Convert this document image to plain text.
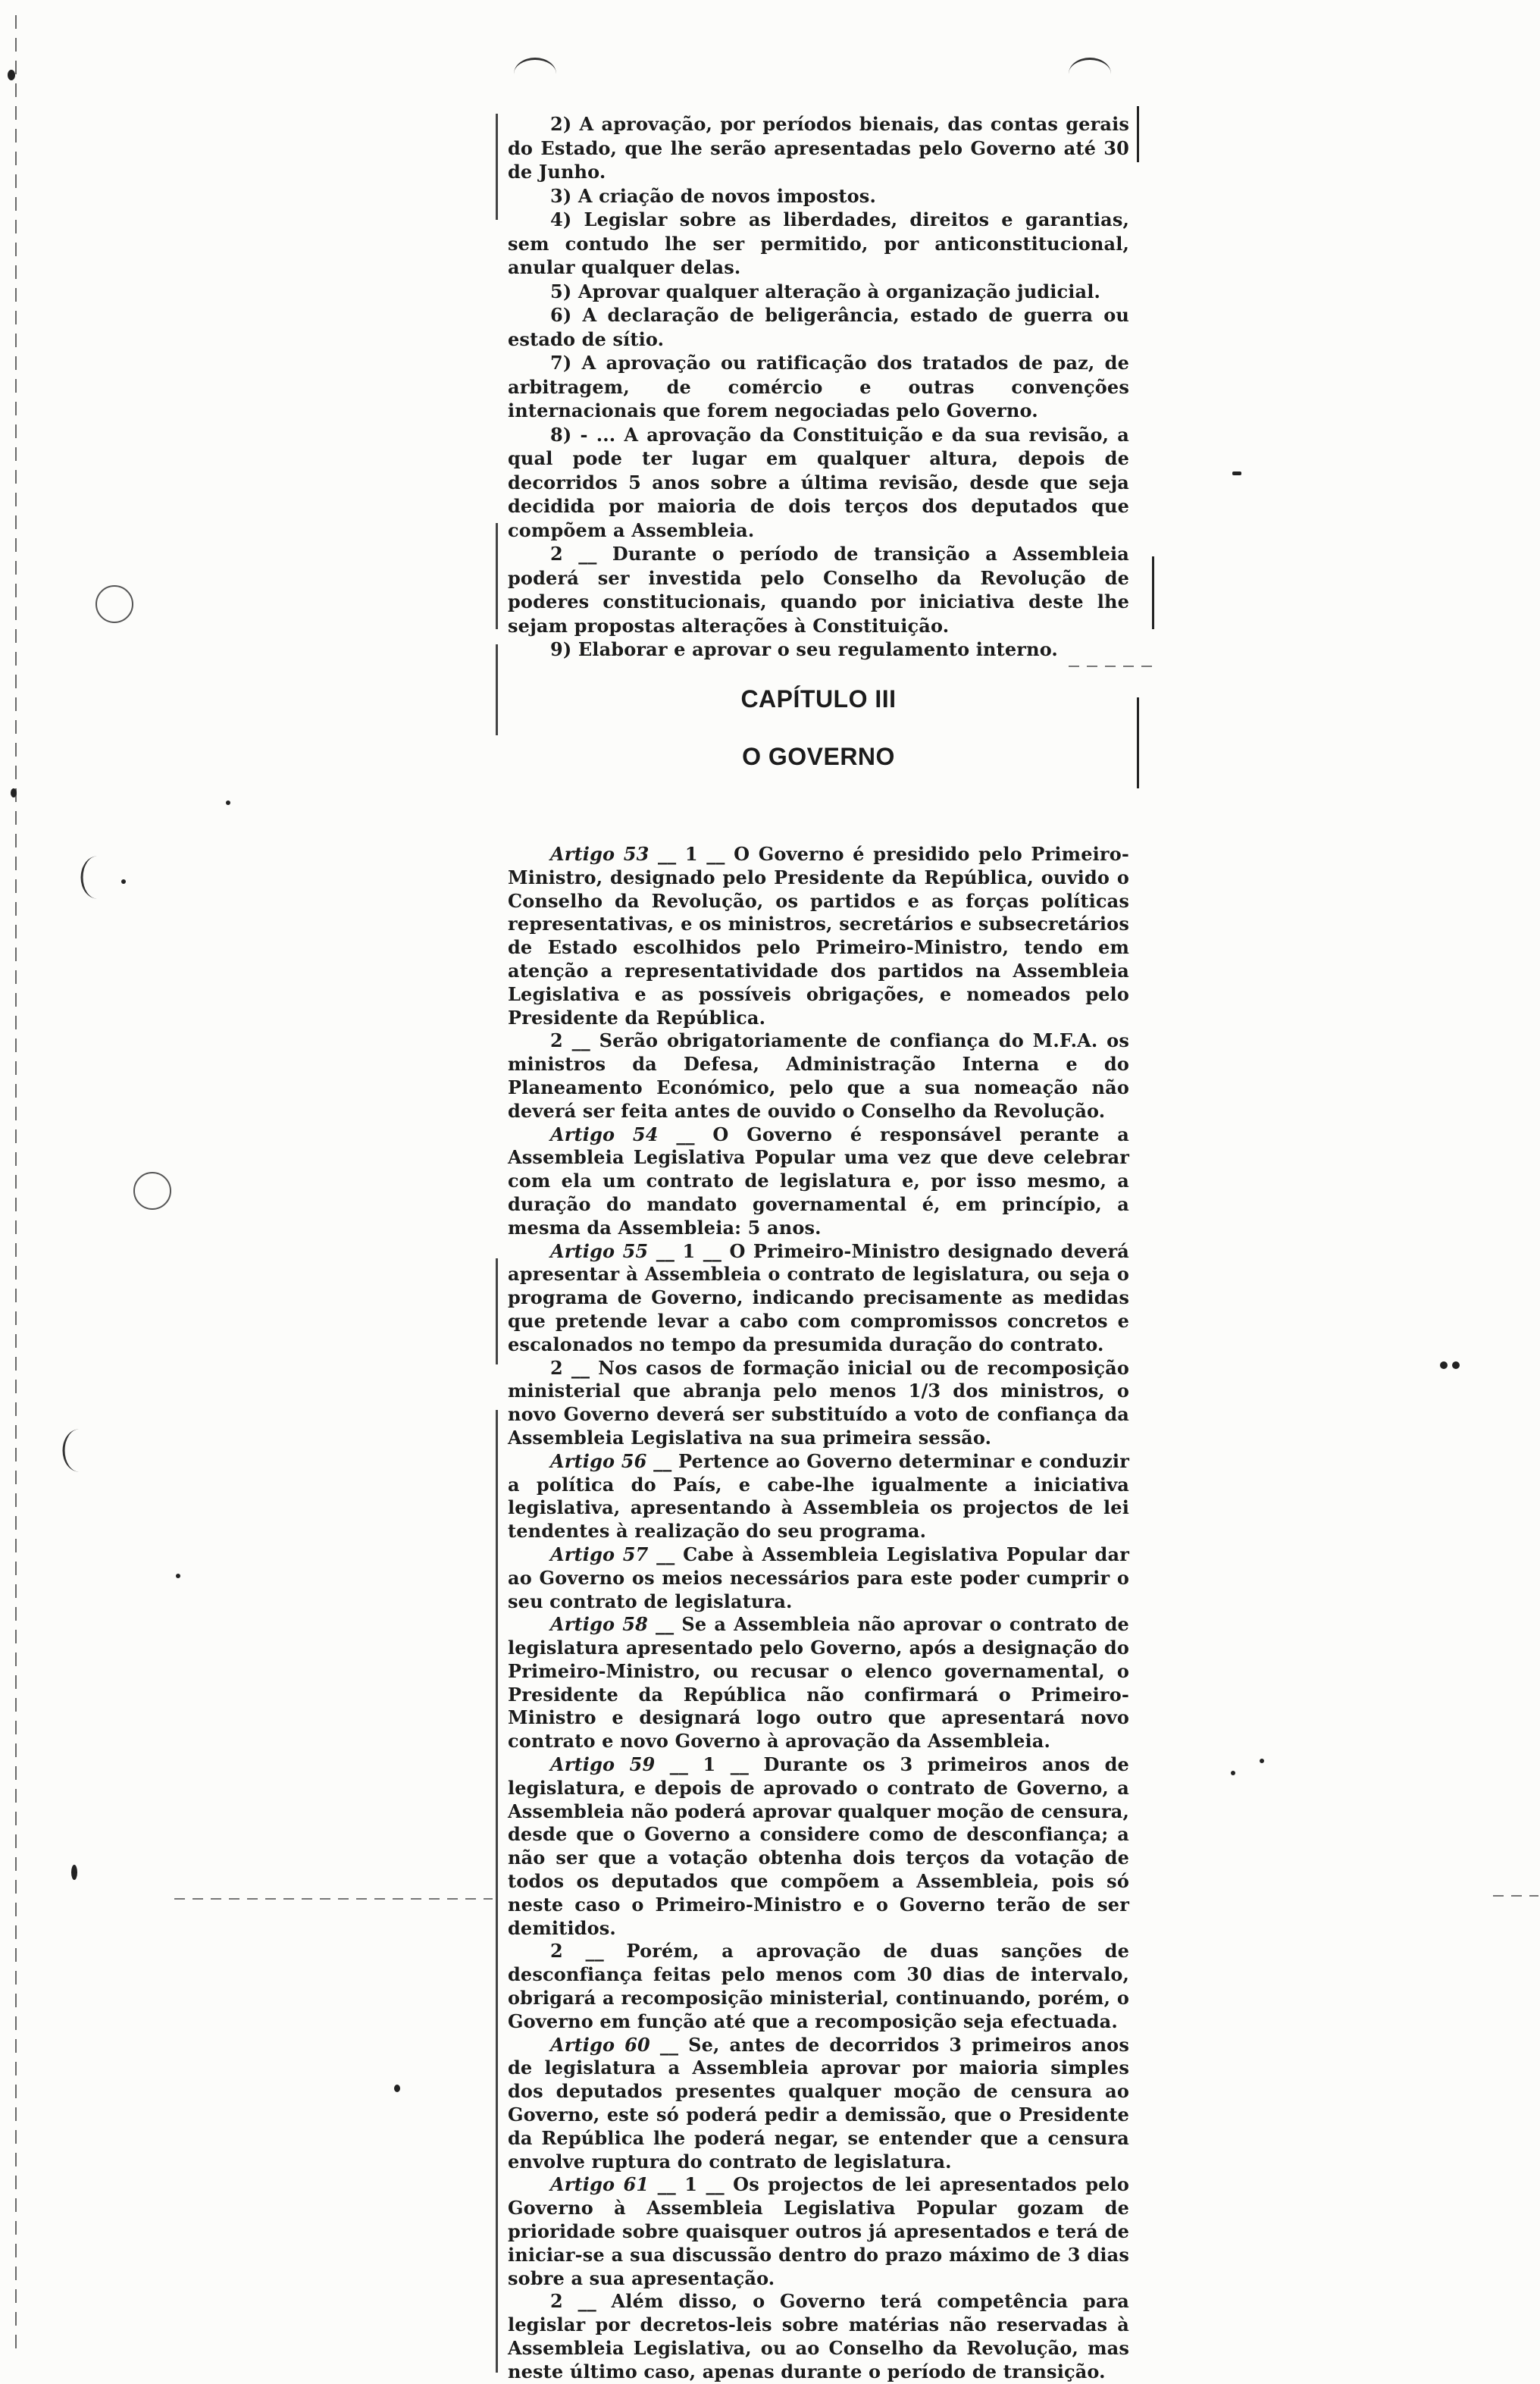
2) A aprovação, por períodos bienais, das contas gerais do Estado, que lhe serão apresentadas pelo Governo até 30 de Junho.

3) A criação de novos impostos.

4) Legislar sobre as liberdades, direitos e garantias, sem contudo lhe ser permitido, por anticonstitucional, anular qualquer delas.

5) Aprovar qualquer alteração à organização judicial.

6) A declaração de beligerância, estado de guerra ou estado de sítio.

7) A aprovação ou ratificação dos tratados de paz, de arbitragem, de comércio e outras convenções internacionais que forem negociadas pelo Governo.

8) - ... A aprovação da Constituição e da sua revisão, a qual pode ter lugar em qualquer altura, depois de decorridos 5 anos sobre a última revisão, desde que seja decidida por maioria de dois terços dos deputados que compõem a Assembleia.

2 __ Durante o período de transição a Assembleia poderá ser investida pelo Conselho da Revolução de poderes constitucionais, quando por iniciativa deste lhe sejam propostas alterações à Constituição.

9) Elaborar e aprovar o seu regulamento interno.

CAPÍTULO III
O GOVERNO

Artigo 53 __ 1 __ O Governo é presidido pelo Primeiro-Ministro, designado pelo Presidente da República, ouvido o Conselho da Revolução, os partidos e as forças políticas representativas, e os ministros, secretários e subsecretários de Estado escolhidos pelo Primeiro-Ministro, tendo em atenção a representatividade dos partidos na Assembleia Legislativa e as possíveis obrigações, e nomeados pelo Presidente da República.

2 __ Serão obrigatoriamente de confiança do M.F.A. os ministros da Defesa, Administração Interna e do Planeamento Económico, pelo que a sua nomeação não deverá ser feita antes de ouvido o Conselho da Revolução.

Artigo 54 __ O Governo é responsável perante a Assembleia Legislativa Popular uma vez que deve celebrar com ela um contrato de legislatura e, por isso mesmo, a duração do mandato governamental é, em princípio, a mesma da Assembleia: 5 anos.

Artigo 55 __ 1 __ O Primeiro-Ministro designado deverá apresentar à Assembleia o contrato de legislatura, ou seja o programa de Governo, indicando precisamente as medidas que pretende levar a cabo com compromissos concretos e escalonados no tempo da presumida duração do contrato.

2 __ Nos casos de formação inicial ou de recomposição ministerial que abranja pelo menos 1/3 dos ministros, o novo Governo deverá ser substituído a voto de confiança da Assembleia Legislativa na sua primeira sessão.

Artigo 56 __ Pertence ao Governo determinar e conduzir a política do País, e cabe-lhe igualmente a iniciativa legislativa, apresentando à Assembleia os projectos de lei tendentes à realização do seu programa.

Artigo 57 __ Cabe à Assembleia Legislativa Popular dar ao Governo os meios necessários para este poder cumprir o seu contrato de legislatura.

Artigo 58 __ Se a Assembleia não aprovar o contrato de legislatura apresentado pelo Governo, após a designação do Primeiro-Ministro, ou recusar o elenco governamental, o Presidente da República não confirmará o Primeiro-Ministro e designará logo outro que apresentará novo contrato e novo Governo à aprovação da Assembleia.

Artigo 59 __ 1 __ Durante os 3 primeiros anos de legislatura, e depois de aprovado o contrato de Governo, a Assembleia não poderá aprovar qualquer moção de censura, desde que o Governo a considere como de desconfiança; a não ser que a votação obtenha dois terços da votação de todos os deputados que compõem a Assembleia, pois só neste caso o Primeiro-Ministro e o Governo terão de ser demitidos.

2 __ Porém, a aprovação de duas sanções de desconfiança feitas pelo menos com 30 dias de intervalo, obrigará a recomposição ministerial, continuando, porém, o Governo em função até que a recomposição seja efectuada.

Artigo 60 __ Se, antes de decorridos 3 primeiros anos de legislatura a Assembleia aprovar por maioria simples dos deputados presentes qualquer moção de censura ao Governo, este só poderá pedir a demissão, que o Presidente da República lhe poderá negar, se entender que a censura envolve ruptura do contrato de legislatura.

Artigo 61 __ 1 __ Os projectos de lei apresentados pelo Governo à Assembleia Legislativa Popular gozam de prioridade sobre quaisquer outros já apresentados e terá de iniciar-se a sua discussão dentro do prazo máximo de 3 dias sobre a sua apresentação.

2 __ Além disso, o Governo terá competência para legislar por decretos-leis sobre matérias não reservadas à Assembleia Legislativa, ou ao Conselho da Revolução, mas neste último caso, apenas durante o período de transição.
